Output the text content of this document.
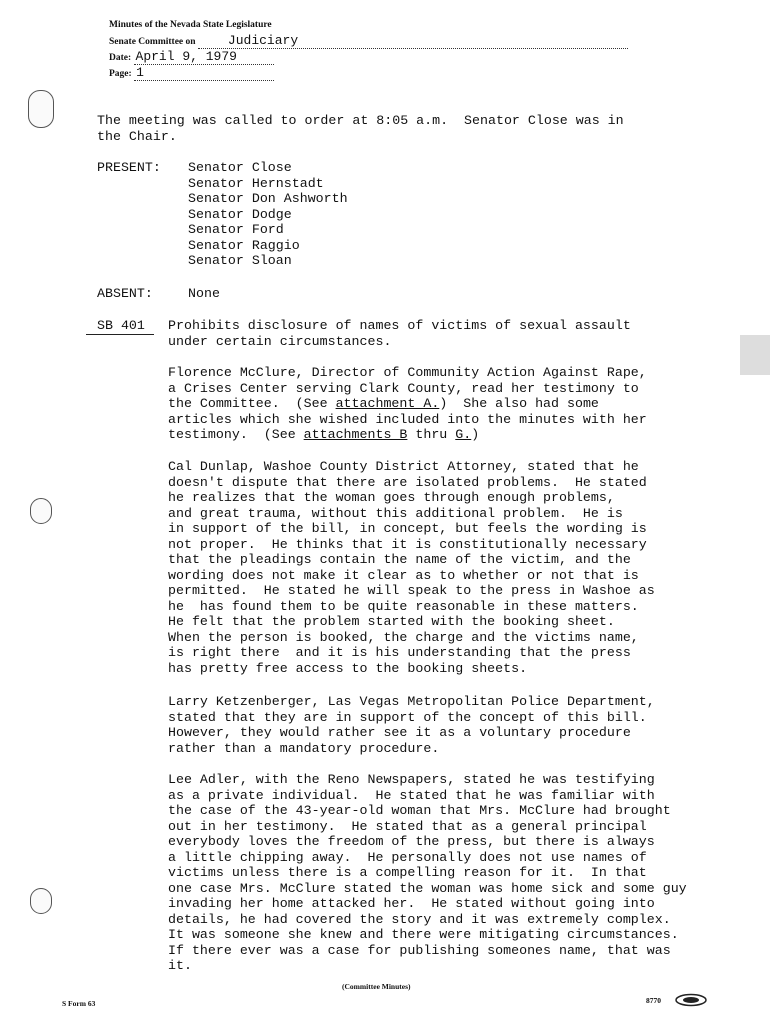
Minutes of the Nevada State Legislature
Senate Committee on Judiciary
Date: April 9, 1979
Page: 1
The meeting was called to order at 8:05 a.m.  Senator Close was in
the Chair.
PRESENT: Senator Close
Senator Hernstadt
Senator Don Ashworth
Senator Dodge
Senator Ford
Senator Raggio
Senator Sloan
ABSENT:	None
SB 401 Prohibits disclosure of names of victims of sexual assault
under certain circumstances.
Florence McClure, Director of Community Action Against Rape,
a Crises Center serving Clark County, read her testimony to
the Committee.  (See attachment A.)  She also had some
articles which she wished included into the minutes with her
testimony.  (See attachments B thru G.)
Cal Dunlap, Washoe County District Attorney, stated that he
doesn't dispute that there are isolated problems.  He stated
he realizes that the woman goes through enough problems,
and great trauma, without this additional problem.  He is
in support of the bill, in concept, but feels the wording is
not proper.  He thinks that it is constitutionally necessary
that the pleadings contain the name of the victim, and the
wording does not make it clear as to whether or not that is
permitted.  He stated he will speak to the press in Washoe as
he  has found them to be quite reasonable in these matters.
He felt that the problem started with the booking sheet.
When the person is booked, the charge and the victims name,
is right there  and it is his understanding that the press
has pretty free access to the booking sheets.
Larry Ketzenberger, Las Vegas Metropolitan Police Department,
stated that they are in support of the concept of this bill.
However, they would rather see it as a voluntary procedure
rather than a mandatory procedure.
Lee Adler, with the Reno Newspapers, stated he was testifying
as a private individual.  He stated that he was familiar with
the case of the 43-year-old woman that Mrs. McClure had brought
out in her testimony.  He stated that as a general principal
everybody loves the freedom of the press, but there is always
a little chipping away.  He personally does not use names of
victims unless there is a compelling reason for it.  In that
one case Mrs. McClure stated the woman was home sick and some guy
invading her home attacked her.  He stated without going into
details, he had covered the story and it was extremely complex.
It was someone she knew and there were mitigating circumstances.
If there ever was a case for publishing someones name, that was
it.
(Committee Minutes)
S Form 63	8770
